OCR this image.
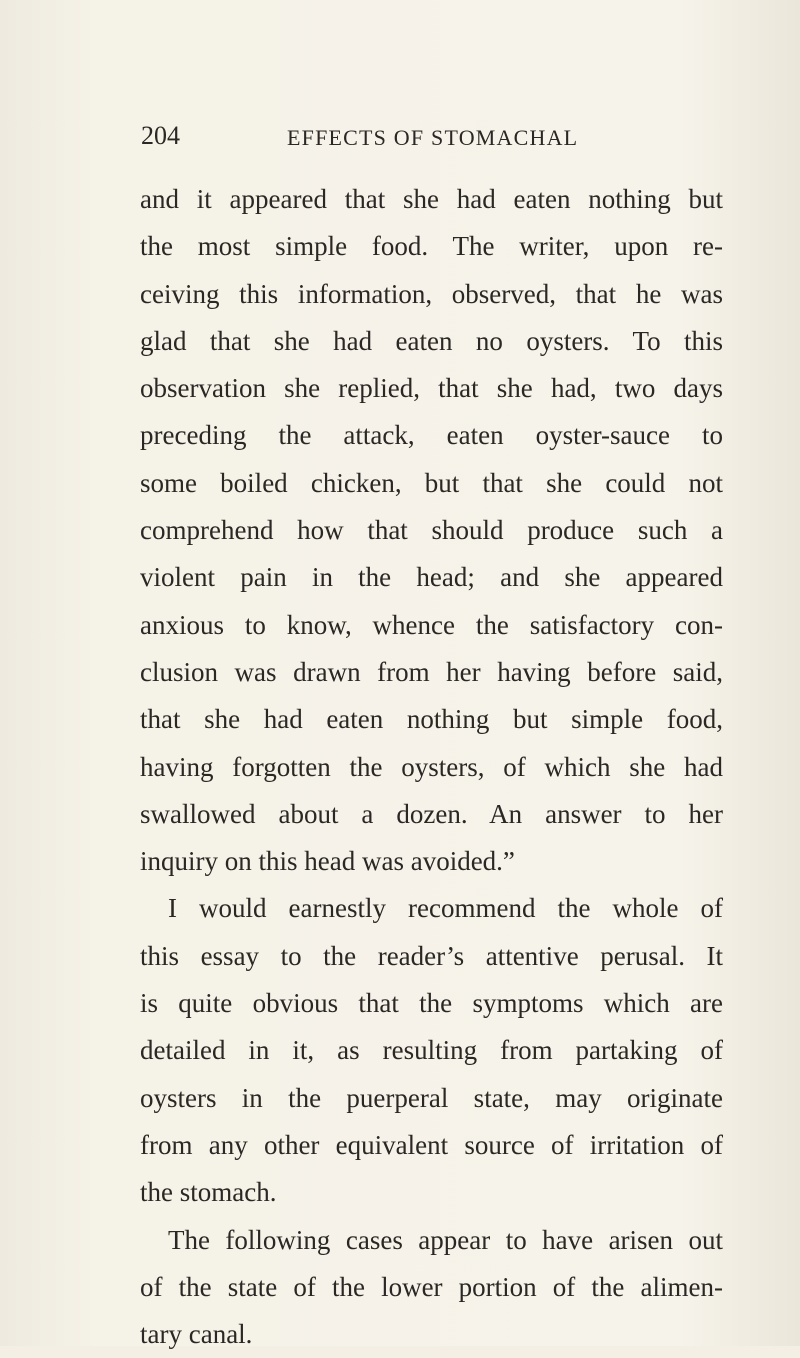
204	EFFECTS OF STOMACHAL
and it appeared that she had eaten nothing but
the most simple food. The writer, upon re-
ceiving this information, observed, that he was
glad that she had eaten no oysters. To this
observation she replied, that she had, two days
preceding the attack, eaten oyster-sauce to
some boiled chicken, but that she could not
comprehend how that should produce such a
violent pain in the head; and she appeared
anxious to know, whence the satisfactory con-
clusion was drawn from her having before said,
that she had eaten nothing but simple food,
having forgotten the oysters, of which she had
swallowed about a dozen. An answer to her
inquiry on this head was avoided.”
I would earnestly recommend the whole of
this essay to the reader’s attentive perusal. It
is quite obvious that the symptoms which are
detailed in it, as resulting from partaking of
oysters in the puerperal state, may originate
from any other equivalent source of irritation of
the stomach.
The following cases appear to have arisen out
of the state of the lower portion of the alimen-
tary canal.
